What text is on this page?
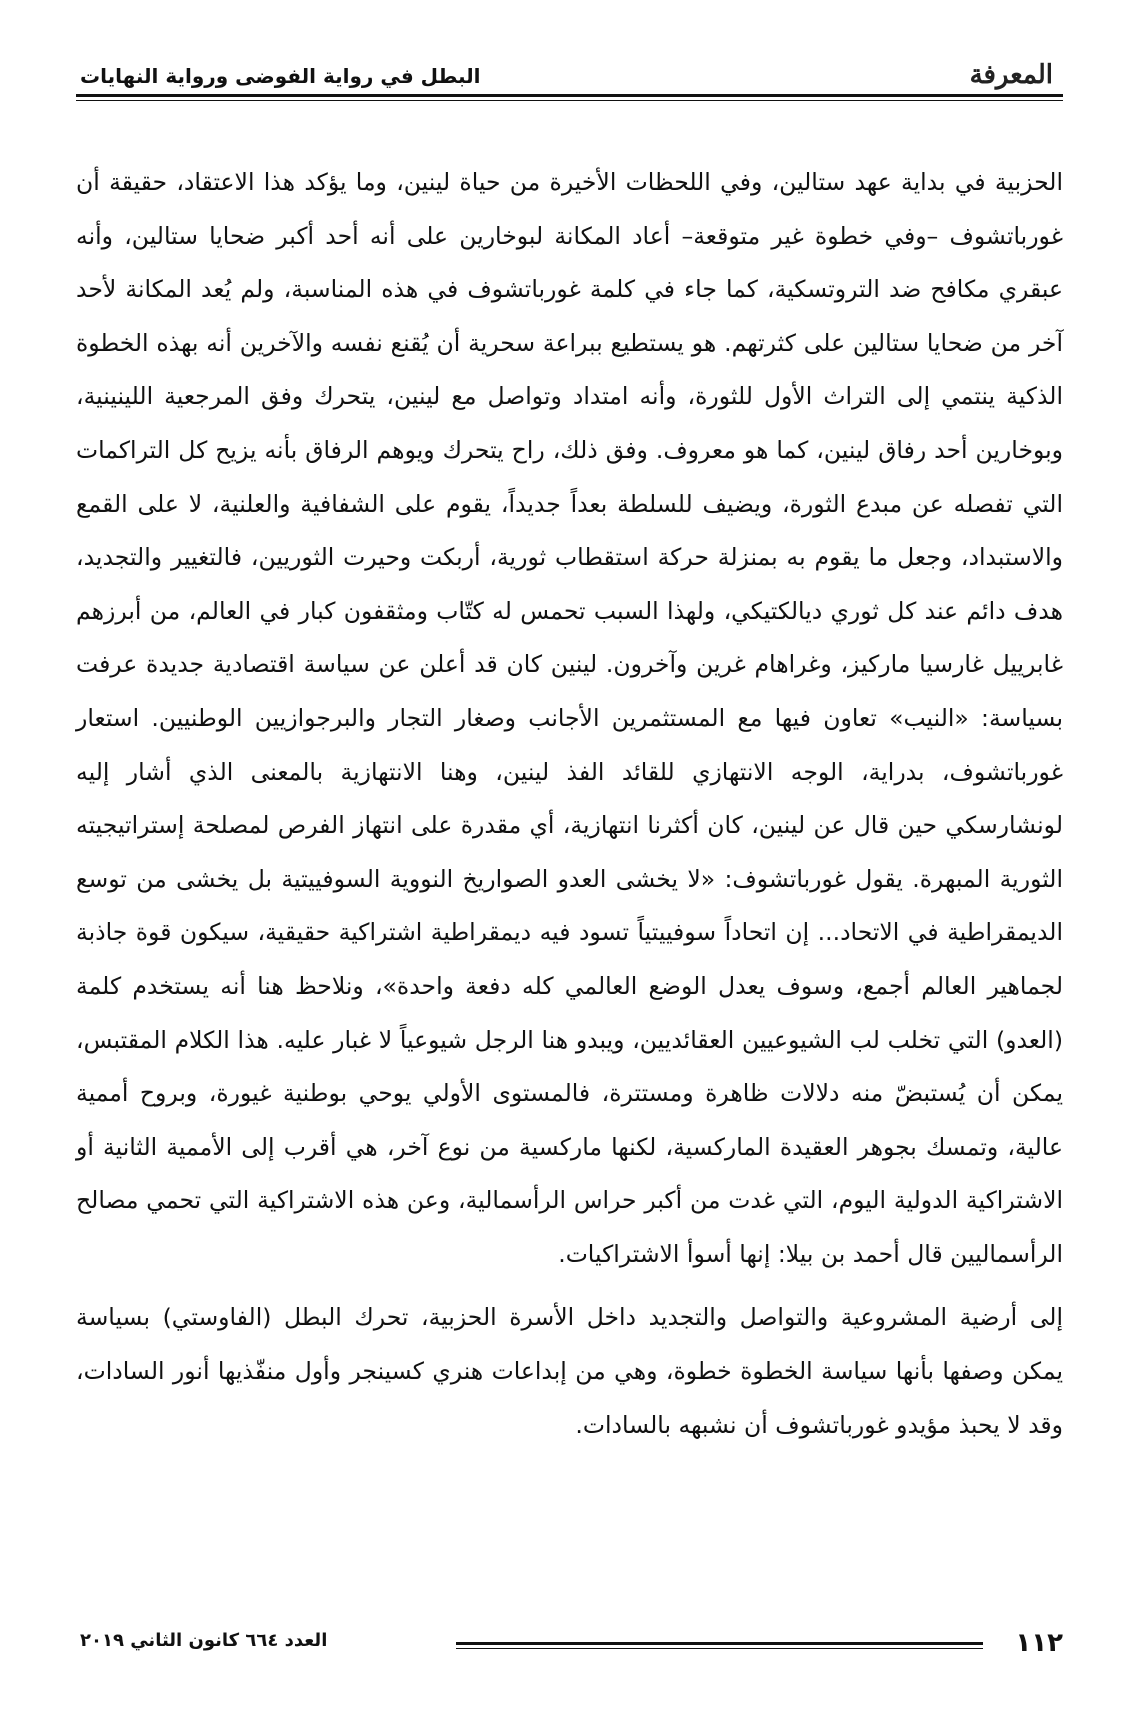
المعرفة
البطل في رواية الفوضى ورواية النهايات

الحزبية في بداية عهد ستالين، وفي اللحظات الأخيرة من حياة لينين، وما يؤكد هذا الاعتقاد، حقيقة أن غورباتشوف –وفي خطوة غير متوقعة– أعاد المكانة لبوخارين على أنه أحد أكبر ضحايا ستالين، وأنه عبقري مكافح ضد التروتسكية، كما جاء في كلمة غورباتشوف في هذه المناسبة، ولم يُعد المكانة لأحد آخر من ضحايا ستالين على كثرتهم. هو يستطيع ببراعة سحرية أن يُقنع نفسه والآخرين أنه بهذه الخطوة الذكية ينتمي إلى التراث الأول للثورة، وأنه امتداد وتواصل مع لينين، يتحرك وفق المرجعية اللينينية، وبوخارين أحد رفاق لينين، كما هو معروف. وفق ذلك، راح يتحرك ويوهم الرفاق بأنه يزيح كل التراكمات التي تفصله عن مبدع الثورة، ويضيف للسلطة بعداً جديداً، يقوم على الشفافية والعلنية، لا على القمع والاستبداد، وجعل ما يقوم به بمنزلة حركة استقطاب ثورية، أربكت وحيرت الثوريين، فالتغيير والتجديد، هدف دائم عند كل ثوري ديالكتيكي، ولهذا السبب تحمس له كتّاب ومثقفون كبار في العالم، من أبرزهم غابرييل غارسيا ماركيز، وغراهام غرين وآخرون. لينين كان قد أعلن عن سياسة اقتصادية جديدة عرفت بسياسة: «النيب» تعاون فيها مع المستثمرين الأجانب وصغار التجار والبرجوازيين الوطنيين. استعار غورباتشوف، بدراية، الوجه الانتهازي للقائد الفذ لينين، وهنا الانتهازية بالمعنى الذي أشار إليه لونشارسكي حين قال عن لينين، كان أكثرنا انتهازية، أي مقدرة على انتهاز الفرص لمصلحة إستراتيجيته الثورية المبهرة. يقول غورباتشوف: «لا يخشى العدو الصواريخ النووية السوفييتية بل يخشى من توسع الديمقراطية في الاتحاد... إن اتحاداً سوفييتياً تسود فيه ديمقراطية اشتراكية حقيقية، سيكون قوة جاذبة لجماهير العالم أجمع، وسوف يعدل الوضع العالمي كله دفعة واحدة»، ونلاحظ هنا أنه يستخدم كلمة (العدو) التي تخلب لب الشيوعيين العقائديين، ويبدو هنا الرجل شيوعياً لا غبار عليه. هذا الكلام المقتبس، يمكن أن يُستبضّ منه دلالات ظاهرة ومستترة، فالمستوى الأولي يوحي بوطنية غيورة، وبروح أممية عالية، وتمسك بجوهر العقيدة الماركسية، لكنها ماركسية من نوع آخر، هي أقرب إلى الأممية الثانية أو الاشتراكية الدولية اليوم، التي غدت من أكبر حراس الرأسمالية، وعن هذه الاشتراكية التي تحمي مصالح الرأسماليين قال أحمد بن بيلا: إنها أسوأ الاشتراكيات.

إلى أرضية المشروعية والتواصل والتجديد داخل الأسرة الحزبية، تحرك البطل (الفاوستي) بسياسة يمكن وصفها بأنها سياسة الخطوة خطوة، وهي من إبداعات هنري كسينجر وأول منفّذيها أنور السادات، وقد لا يحبذ مؤيدو غورباتشوف أن نشبهه بالسادات.

١١٢
العدد ٦٦٤ كانون الثاني ٢٠١٩
